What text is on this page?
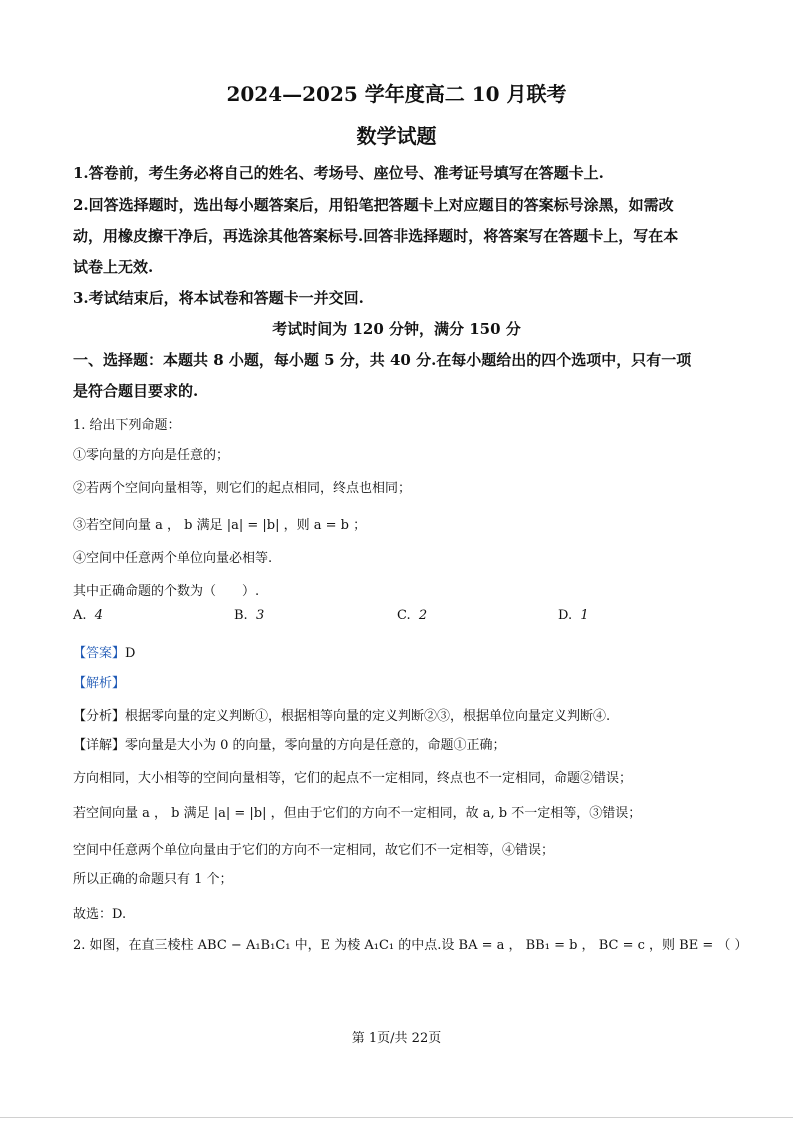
2024—2025 学年度高二 10 月联考
数学试题
1.答卷前，考生务必将自己的姓名、考场号、座位号、准考证号填写在答题卡上.
2.回答选择题时，选出每小题答案后，用铅笔把答题卡上对应题目的答案标号涂黑，如需改
动，用橡皮擦干净后，再选涂其他答案标号.回答非选择题时，将答案写在答题卡上，写在本
试卷上无效.
3.考试结束后，将本试卷和答题卡一并交回.
考试时间为 120 分钟，满分 150 分
一、选择题：本题共 8 小题，每小题 5 分，共 40 分.在每小题给出的四个选项中，只有一项
是符合题目要求的.
1. 给出下列命题：
①零向量的方向是任意的；
②若两个空间向量相等，则它们的起点相同，终点也相同；
③若空间向量 a ， b 满足 |a| = |b| ，则 a = b ；
④空间中任意两个单位向量必相等.
其中正确命题的个数为（　　）.
A. 4	B. 3	C. 2	D. 1
【答案】D
【解析】
【分析】根据零向量的定义判断①，根据相等向量的定义判断②③，根据单位向量定义判断④.
【详解】零向量是大小为 0 的向量，零向量的方向是任意的，命题①正确；
方向相同，大小相等的空间向量相等，它们的起点不一定相同，终点也不一定相同，命题②错误；
若空间向量 a ， b 满足 |a| = |b| ，但由于它们的方向不一定相同，故 a, b 不一定相等，③错误；
空间中任意两个单位向量由于它们的方向不一定相同，故它们不一定相等，④错误；
所以正确的命题只有 1 个；
故选：D.
2. 如图，在直三棱柱 ABC − A₁B₁C₁ 中，E 为棱 A₁C₁ 的中点.设 BA = a ， BB₁ = b ， BC = c ，则 BE = （ ）
第 1页/共 22页
